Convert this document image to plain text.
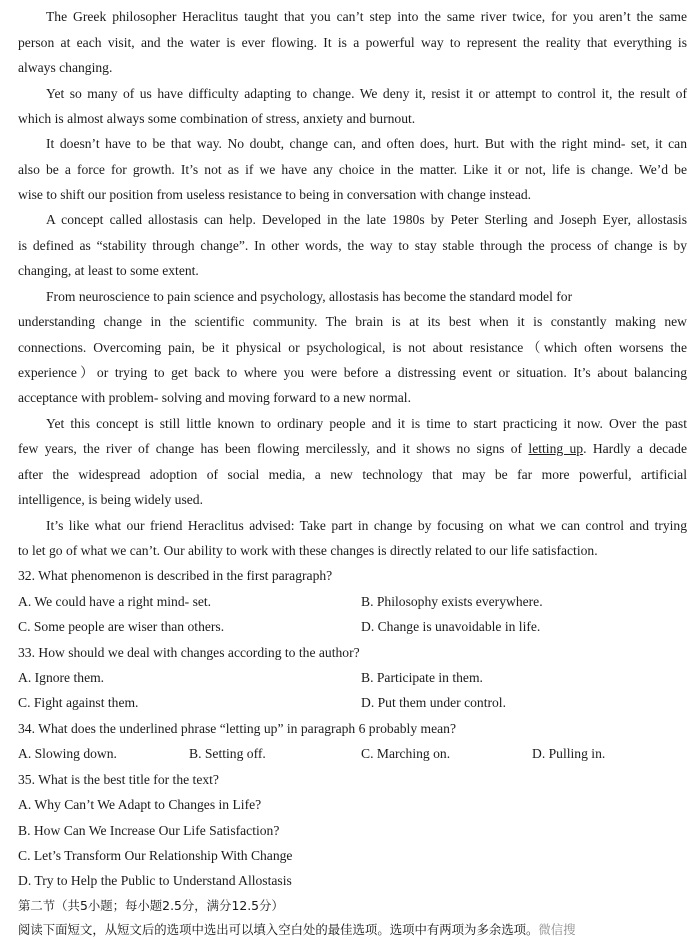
The Greek philosopher Heraclitus taught that you can’t step into the same river twice, for you aren’t the same
person at each visit, and the water is ever flowing. It is a powerful way to represent the reality that everything is
always changing.
Yet so many of us have difficulty adapting to change. We deny it, resist it or attempt to control it, the result of
which is almost always some combination of stress, anxiety and burnout.
It doesn’t have to be that way. No doubt, change can, and often does, hurt. But with the right mind- set, it can
also be a force for growth. It’s not as if we have any choice in the matter. Like it or not, life is change. We’d be
wise to shift our position from useless resistance to being in conversation with change instead.
A concept called allostasis can help. Developed in the late 1980s by Peter Sterling and Joseph Eyer, allostasis
is defined as “stability through change”. In other words, the way to stay stable through the process of change is by
changing, at least to some extent.
From neuroscience to pain science and psychology, allostasis has become the standard model for
understanding change in the scientific community. The brain is at its best when it is constantly making new
connections. Overcoming pain, be it physical or psychological, is not about resistance（which often worsens the
experience）or trying to get back to where you were before a distressing event or situation. It’s about balancing
acceptance with problem- solving and moving forward to a new normal.
Yet this concept is still little known to ordinary people and it is time to start practicing it now. Over the past
few years, the river of change has been flowing mercilessly, and it shows no signs of letting up. Hardly a decade
after the widespread adoption of social media, a new technology that may be far more powerful, artificial
intelligence, is being widely used.
It’s like what our friend Heraclitus advised: Take part in change by focusing on what we can control and trying
to let go of what we can’t. Our ability to work with these changes is directly related to our life satisfaction.
32. What phenomenon is described in the first paragraph?
A. We could have a right mind- set.	B. Philosophy exists everywhere.
C. Some people are wiser than others.	D. Change is unavoidable in life.
33. How should we deal with changes according to the author?
A. Ignore them.	B. Participate in them.
C. Fight against them.	D. Put them under control.
34. What does the underlined phrase “letting up” in paragraph 6 probably mean?
A. Slowing down.	B. Setting off.	C. Marching on.	D. Pulling in.
35. What is the best title for the text?
A. Why Can’t We Adapt to Changes in Life?
B. How Can We Increase Our Life Satisfaction?
C. Let’s Transform Our Relationship With Change
D. Try to Help the Public to Understand Allostasis
第二节（共5小题；每小题2.5分，满分12.5分）
阅读下面短文，从短文后的选项中选出可以填入空白处的最佳选项。选项中有两项为多余选项。微信搜
